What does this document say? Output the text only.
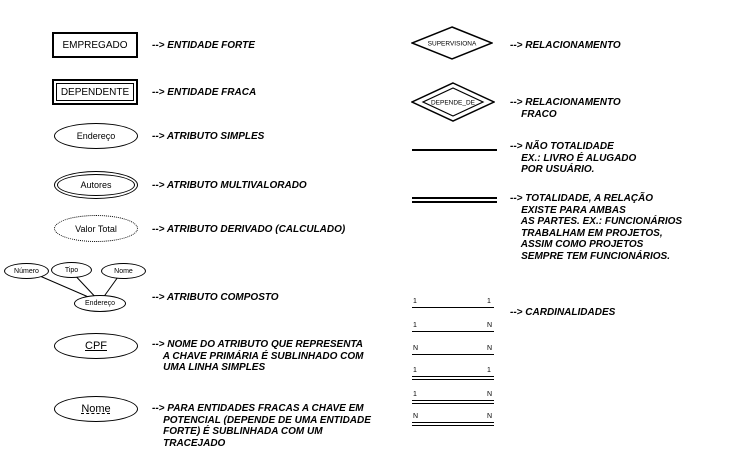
EMPREGADO --> ENTIDADE FORTE
DEPENDENTE --> ENTIDADE FRACA
Endereço	--> ATRIBUTO SIMPLES
Autores	--> ATRIBUTO MULTIVALORADO
Valor Total	--> ATRIBUTO DERIVADO (CALCULADO)
Número	Tipo	Nome
Endereço
--> ATRIBUTO COMPOSTO
CPF	--> NOME DO ATRIBUTO QUE REPRESENTA
A CHAVE PRIMÁRIA É SUBLINHADO COM
UMA LINHA SIMPLES
Nome	--> PARA ENTIDADES FRACAS A CHAVE EM
POTENCIAL (DEPENDE DE UMA ENTIDADE
FORTE) É SUBLINHADA COM UM
TRACEJADO
SUPERVISIONA	--> RELACIONAMENTO
DEPENDE_DE	--> RELACIONAMENTO
FRACO
--> NÃO TOTALIDADE
EX.: LIVRO É ALUGADO
POR USUÁRIO.
--> TOTALIDADE, A RELAÇÃO
EXISTE PARA AMBAS
AS PARTES. EX.: FUNCIONÁRIOS
TRABALHAM EM PROJETOS,
ASSIM COMO PROJETOS
SEMPRE TEM FUNCIONÁRIOS.
1	1
1	N
N	N
1	1
1	N
N	N
--> CARDINALIDADES
